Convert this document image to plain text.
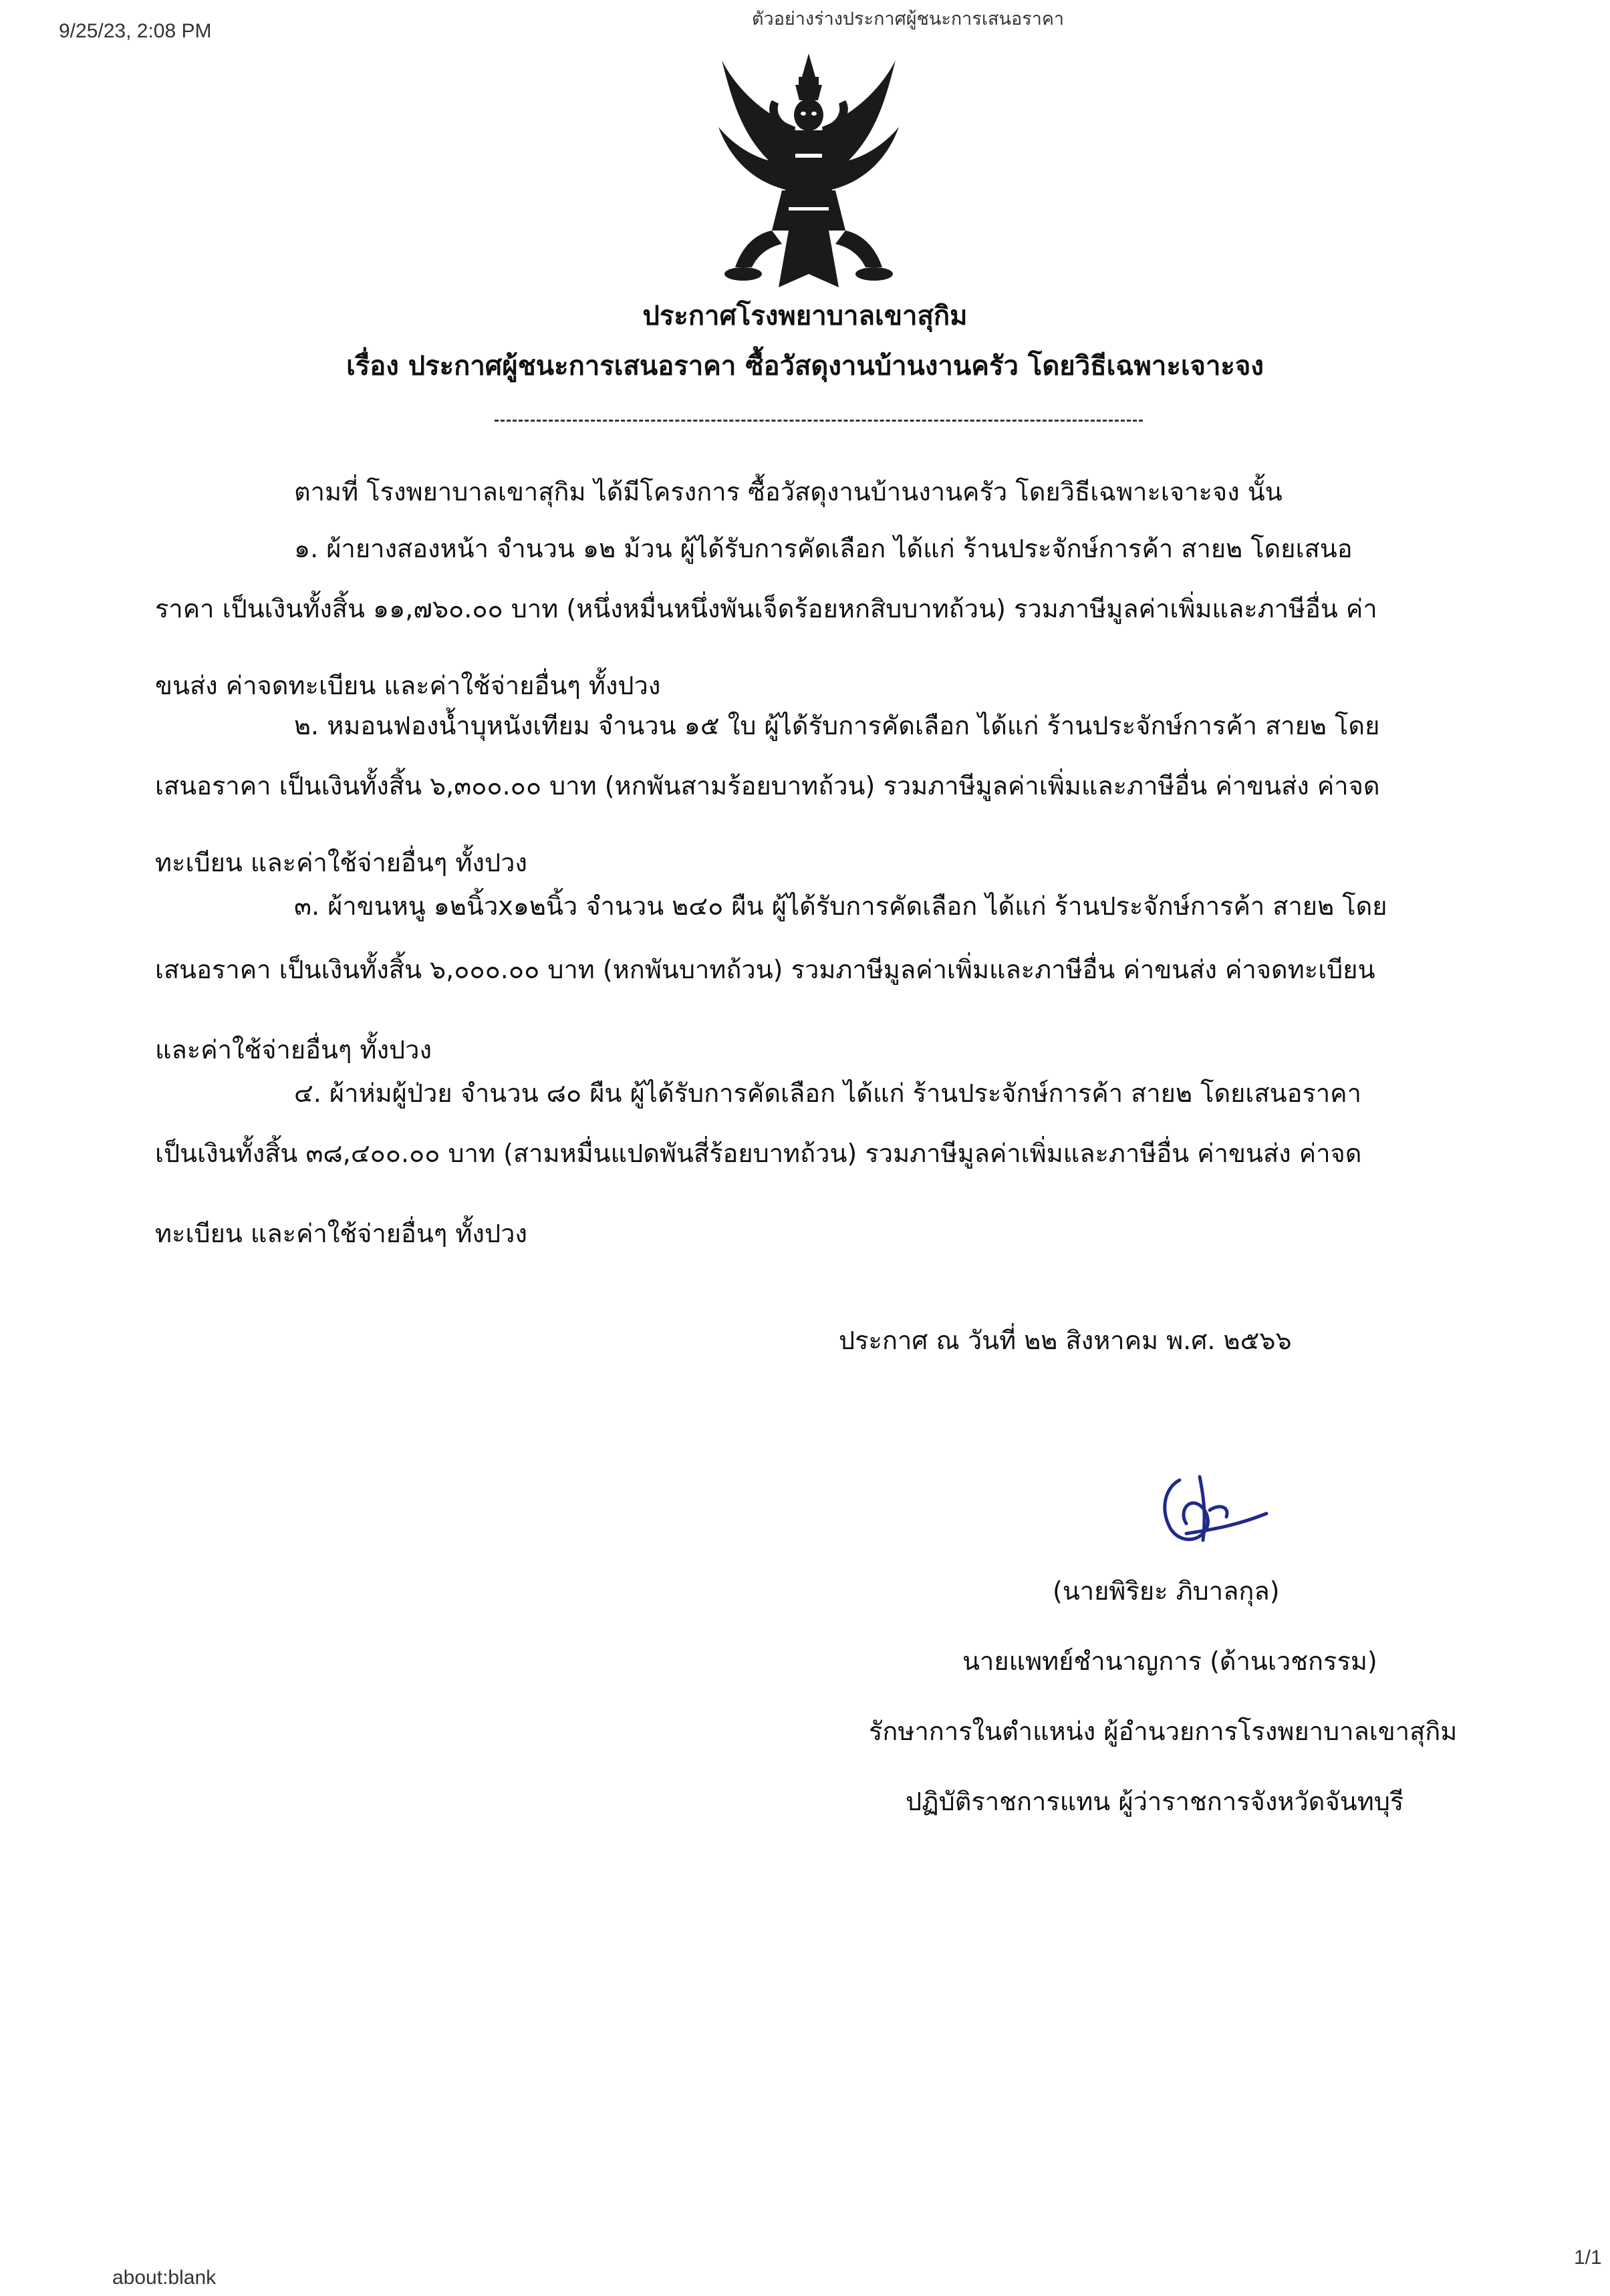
9/25/23, 2:08 PM
ตัวอย่างร่างประกาศผู้ชนะการเสนอราคา
ประกาศโรงพยาบาลเขาสุกิม
เรื่อง ประกาศผู้ชนะการเสนอราคา ซื้อวัสดุงานบ้านงานครัว โดยวิธีเฉพาะเจาะจง
ตามที่ โรงพยาบาลเขาสุกิม ได้มีโครงการ ซื้อวัสดุงานบ้านงานครัว โดยวิธีเฉพาะเจาะจง นั้น
๑. ผ้ายางสองหน้า จำนวน ๑๒ ม้วน ผู้ได้รับการคัดเลือก ได้แก่ ร้านประจักษ์การค้า สาย๒ โดยเสนอ
ราคา เป็นเงินทั้งสิ้น ๑๑,๗๖๐.๐๐ บาท (หนึ่งหมื่นหนึ่งพันเจ็ดร้อยหกสิบบาทถ้วน) รวมภาษีมูลค่าเพิ่มและภาษีอื่น ค่า
ขนส่ง ค่าจดทะเบียน และค่าใช้จ่ายอื่นๆ ทั้งปวง
๒. หมอนฟองน้ำบุหนังเทียม จำนวน ๑๕ ใบ ผู้ได้รับการคัดเลือก ได้แก่ ร้านประจักษ์การค้า สาย๒ โดย
เสนอราคา เป็นเงินทั้งสิ้น ๖,๓๐๐.๐๐ บาท (หกพันสามร้อยบาทถ้วน) รวมภาษีมูลค่าเพิ่มและภาษีอื่น ค่าขนส่ง ค่าจด
ทะเบียน และค่าใช้จ่ายอื่นๆ ทั้งปวง
๓. ผ้าขนหนู ๑๒นิ้วx๑๒นิ้ว จำนวน ๒๔๐ ผืน ผู้ได้รับการคัดเลือก ได้แก่ ร้านประจักษ์การค้า สาย๒ โดย
เสนอราคา เป็นเงินทั้งสิ้น ๖,๐๐๐.๐๐ บาท (หกพันบาทถ้วน) รวมภาษีมูลค่าเพิ่มและภาษีอื่น ค่าขนส่ง ค่าจดทะเบียน
และค่าใช้จ่ายอื่นๆ ทั้งปวง
๔. ผ้าห่มผู้ป่วย จำนวน ๘๐ ผืน ผู้ได้รับการคัดเลือก ได้แก่ ร้านประจักษ์การค้า สาย๒ โดยเสนอราคา
เป็นเงินทั้งสิ้น ๓๘,๔๐๐.๐๐ บาท (สามหมื่นแปดพันสี่ร้อยบาทถ้วน) รวมภาษีมูลค่าเพิ่มและภาษีอื่น ค่าขนส่ง ค่าจด
ทะเบียน และค่าใช้จ่ายอื่นๆ ทั้งปวง
ประกาศ ณ วันที่ ๒๒ สิงหาคม พ.ศ. ๒๕๖๖
(นายพิริยะ ภิบาลกุล)
นายแพทย์ชำนาญการ (ด้านเวชกรรม)
รักษาการในตำแหน่ง ผู้อำนวยการโรงพยาบาลเขาสุกิม
ปฏิบัติราชการแทน ผู้ว่าราชการจังหวัดจันทบุรี
about:blank
1/1
